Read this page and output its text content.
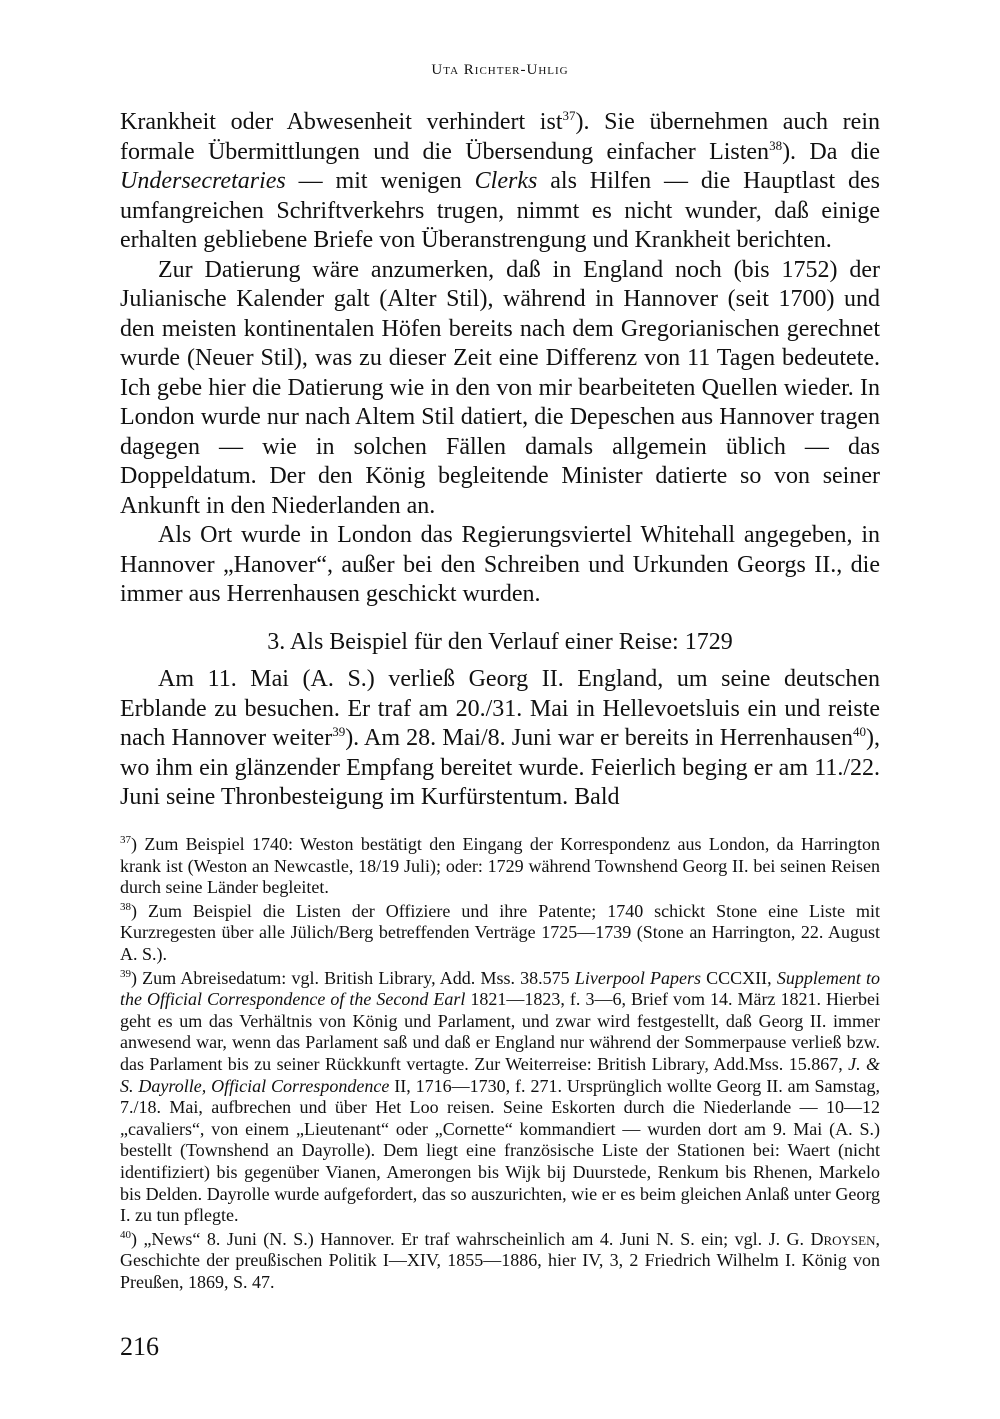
Uta Richter-Uhlig

Krankheit oder Abwesenheit verhindert ist$^{37}$). Sie übernehmen auch rein formale Übermittlungen und die Übersendung einfacher Listen$^{38}$). Da die Undersecretaries — mit wenigen Clerks als Hilfen — die Hauptlast des umfangreichen Schriftverkehrs trugen, nimmt es nicht wunder, daß einige erhalten gebliebene Briefe von Überanstrengung und Krankheit berichten.

Zur Datierung wäre anzumerken, daß in England noch (bis 1752) der Julianische Kalender galt (Alter Stil), während in Hannover (seit 1700) und den meisten kontinentalen Höfen bereits nach dem Gregorianischen gerechnet wurde (Neuer Stil), was zu dieser Zeit eine Differenz von 11 Tagen bedeutete. Ich gebe hier die Datierung wie in den von mir bearbeiteten Quellen wieder. In London wurde nur nach Altem Stil datiert, die Depeschen aus Hannover tragen dagegen — wie in solchen Fällen damals allgemein üblich — das Doppeldatum. Der den König begleitende Minister datierte so von seiner Ankunft in den Niederlanden an.

Als Ort wurde in London das Regierungsviertel Whitehall angegeben, in Hannover „Hanover“, außer bei den Schreiben und Urkunden Georgs II., die immer aus Herrenhausen geschickt wurden.

3. Als Beispiel für den Verlauf einer Reise: 1729

Am 11. Mai (A. S.) verließ Georg II. England, um seine deutschen Erblande zu besuchen. Er traf am 20./31. Mai in Hellevoetsluis ein und reiste nach Hannover weiter$^{39}$). Am 28. Mai/8. Juni war er bereits in Herrenhausen$^{40}$), wo ihm ein glänzender Empfang bereitet wurde. Feierlich beging er am 11./22. Juni seine Thronbesteigung im Kurfürstentum. Bald

$^{37}$) Zum Beispiel 1740: Weston bestätigt den Eingang der Korrespondenz aus London, da Harrington krank ist (Weston an Newcastle, 18/19 Juli); oder: 1729 während Townshend Georg II. bei seinen Reisen durch seine Länder begleitet.

$^{38}$) Zum Beispiel die Listen der Offiziere und ihre Patente; 1740 schickt Stone eine Liste mit Kurzregesten über alle Jülich/Berg betreffenden Verträge 1725—1739 (Stone an Harrington, 22. August A. S.).

$^{39}$) Zum Abreisedatum: vgl. British Library, Add. Mss. 38.575 Liverpool Papers CCCXII, Supplement to the Official Correspondence of the Second Earl 1821—1823, f. 3—6, Brief vom 14. März 1821. Hierbei geht es um das Verhältnis von König und Parlament, und zwar wird festgestellt, daß Georg II. immer anwesend war, wenn das Parlament saß und daß er England nur während der Sommerpause verließ bzw. das Parlament bis zu seiner Rückkunft vertagte. Zur Weiterreise: British Library, Add.Mss. 15.867, J. & S. Dayrolle, Official Correspondence II, 1716—1730, f. 271. Ursprünglich wollte Georg II. am Samstag, 7./18. Mai, aufbrechen und über Het Loo reisen. Seine Eskorten durch die Niederlande — 10—12 „cavaliers“, von einem „Lieutenant“ oder „Cornette“ kommandiert — wurden dort am 9. Mai (A. S.) bestellt (Townshend an Dayrolle). Dem liegt eine französische Liste der Stationen bei: Waert (nicht identifiziert) bis gegenüber Vianen, Amerongen bis Wijk bij Duurstede, Renkum bis Rhenen, Markelo bis Delden. Dayrolle wurde aufgefordert, das so auszurichten, wie er es beim gleichen Anlaß unter Georg I. zu tun pflegte.

$^{40}$) „News“ 8. Juni (N. S.) Hannover. Er traf wahrscheinlich am 4. Juni N. S. ein; vgl. J. G. Droysen, Geschichte der preußischen Politik I—XIV, 1855—1886, hier IV, 3, 2 Friedrich Wilhelm I. König von Preußen, 1869, S. 47.

216
